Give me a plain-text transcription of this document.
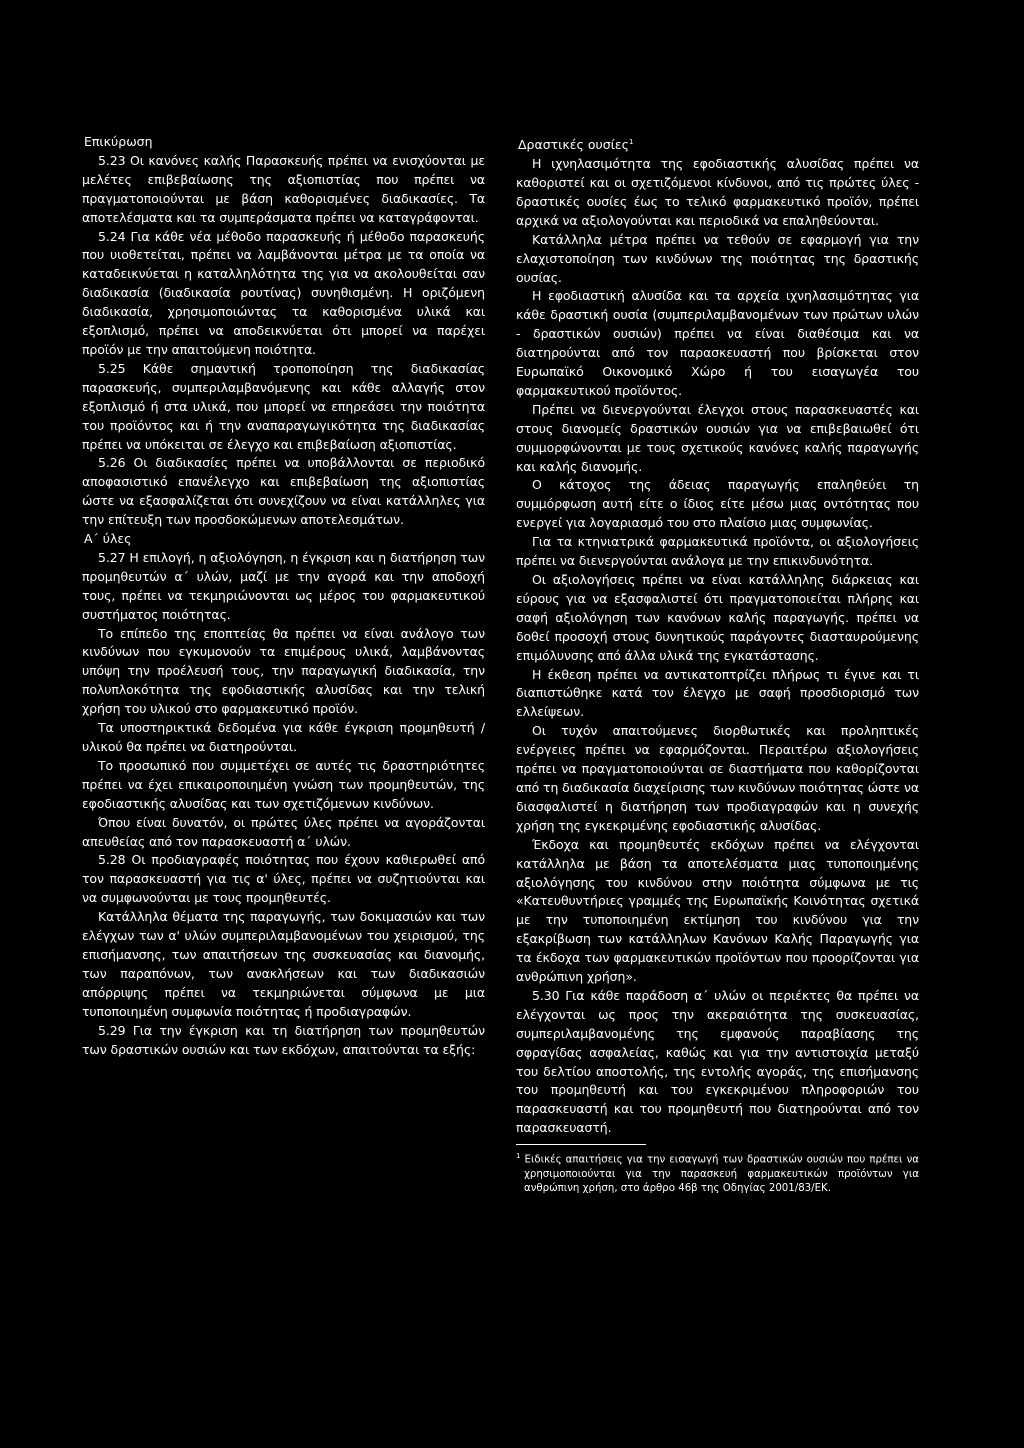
Επικύρωση

5.23 Οι κανόνες καλής Παρασκευής πρέπει να ενισχύονται με μελέτες επιβεβαίωσης της αξιοπιστίας που πρέπει να πραγματοποιούνται με βάση καθορισμένες διαδικασίες. Τα αποτελέσματα και τα συμπεράσματα πρέπει να καταγράφονται.

5.24 Για κάθε νέα μέθοδο παρασκευής ή μέθοδο παρασκευής που υιοθετείται, πρέπει να λαμβάνονται μέτρα με τα οποία να καταδεικνύεται η καταλληλότητα της για να ακολουθείται σαν διαδικασία (διαδικασία ρουτίνας) συνηθισμένη. Η οριζόμενη διαδικασία, χρησιμοποιώντας τα καθορισμένα υλικά και εξοπλισμό, πρέπει να αποδεικνύεται ότι μπορεί να παρέχει προϊόν με την απαιτούμενη ποιότητα.

5.25 Κάθε σημαντική τροποποίηση της διαδικασίας παρασκευής, συμπεριλαμβανόμενης και κάθε αλλαγής στον εξοπλισμό ή στα υλικά, που μπορεί να επηρεάσει την ποιότητα του προϊόντος και ή την αναπαραγωγικότητα της διαδικασίας πρέπει να υπόκειται σε έλεγχο και επιβεβαίωση αξιοπιστίας.

5.26 Οι διαδικασίες πρέπει να υποβάλλονται σε περιοδικό αποφασιστικό επανέλεγχο και επιβεβαίωση της αξιοπιστίας ώστε να εξασφαλίζεται ότι συνεχίζουν να είναι κατάλληλες για την επίτευξη των προσδοκώμενων αποτελεσμάτων.

Α΄ ύλες

5.27 Η επιλογή, η αξιολόγηση, η έγκριση και η διατήρηση των προμηθευτών α΄ υλών, μαζί με την αγορά και την αποδοχή τους, πρέπει να τεκμηριώνονται ως μέρος του φαρμακευτικού συστήματος ποιότητας.

Το επίπεδο της εποπτείας θα πρέπει να είναι ανάλογο των κινδύνων που εγκυμονούν τα επιμέρους υλικά, λαμβάνοντας υπόψη την προέλευσή τους, την παραγωγική διαδικασία, την πολυπλοκότητα της εφοδιαστικής αλυσίδας και την τελική χρήση του υλικού στο φαρμακευτικό προϊόν.

Τα υποστηρικτικά δεδομένα για κάθε έγκριση προμηθευτή / υλικού θα πρέπει να διατηρούνται.

Το προσωπικό που συμμετέχει σε αυτές τις δραστηριότητες πρέπει να έχει επικαιροποιημένη γνώση των προμηθευτών, της εφοδιαστικής αλυσίδας και των σχετιζόμενων κινδύνων.

Όπου είναι δυνατόν, οι πρώτες ύλες πρέπει να αγοράζονται απευθείας από τον παρασκευαστή α΄ υλών.

5.28 Οι προδιαγραφές ποιότητας που έχουν καθιερωθεί από τον παρασκευαστή για τις α' ύλες, πρέπει να συζητιούνται και να συμφωνούνται με τους προμηθευτές.

Κατάλληλα θέματα της παραγωγής, των δοκιμασιών και των ελέγχων των α' υλών συμπεριλαμβανομένων του χειρισμού, της επισήμανσης, των απαιτήσεων της συσκευασίας και διανομής, των παραπόνων, των ανακλήσεων και των διαδικασιών απόρριψης πρέπει να τεκμηριώνεται σύμφωνα με μια τυποποιημένη συμφωνία ποιότητας ή προδιαγραφών.

5.29 Για την έγκριση και τη διατήρηση των προμηθευτών των δραστικών ουσιών και των εκδόχων, απαιτούνται τα εξής:

Δραστικές ουσίες$^1$

Η ιχνηλασιμότητα της εφοδιαστικής αλυσίδας πρέπει να καθοριστεί και οι σχετιζόμενοι κίνδυνοι, από τις πρώτες ύλες - δραστικές ουσίες έως το τελικό φαρμακευτικό προϊόν, πρέπει αρχικά να αξιολογούνται και περιοδικά να επαληθεύονται.

Κατάλληλα μέτρα πρέπει να τεθούν σε εφαρμογή για την ελαχιστοποίηση των κινδύνων της ποιότητας της δραστικής ουσίας.

Η εφοδιαστική αλυσίδα και τα αρχεία ιχνηλασιμότητας για κάθε δραστική ουσία (συμπεριλαμβανομένων των πρώτων υλών - δραστικών ουσιών) πρέπει να είναι διαθέσιμα και να διατηρούνται από τον παρασκευαστή που βρίσκεται στον Ευρωπαϊκό Οικονομικό Χώρο ή του εισαγωγέα του φαρμακευτικού προϊόντος.

Πρέπει να διενεργούνται έλεγχοι στους παρασκευαστές και στους διανομείς δραστικών ουσιών για να επιβεβαιωθεί ότι συμμορφώνονται με τους σχετικούς κανόνες καλής παραγωγής και καλής διανομής.

Ο κάτοχος της άδειας παραγωγής επαληθεύει τη συμμόρφωση αυτή είτε ο ίδιος είτε μέσω μιας οντότητας που ενεργεί για λογαριασμό του στο πλαίσιο μιας συμφωνίας.

Για τα κτηνιατρικά φαρμακευτικά προϊόντα, οι αξιολογήσεις πρέπει να διενεργούνται ανάλογα με την επικινδυνότητα.

Οι αξιολογήσεις πρέπει να είναι κατάλληλης διάρκειας και εύρους για να εξασφαλιστεί ότι πραγματοποιείται πλήρης και σαφή αξιολόγηση των κανόνων καλής παραγωγής. πρέπει να δοθεί προσοχή στους δυνητικούς παράγοντες διασταυρούμενης επιμόλυνσης από άλλα υλικά της εγκατάστασης.

Η έκθεση πρέπει να αντικατοπτρίζει πλήρως τι έγινε και τι διαπιστώθηκε κατά τον έλεγχο με σαφή προσδιορισμό των ελλείψεων.

Οι τυχόν απαιτούμενες διορθωτικές και προληπτικές ενέργειες πρέπει να εφαρμόζονται. Περαιτέρω αξιολογήσεις πρέπει να πραγματοποιούνται σε διαστήματα που καθορίζονται από τη διαδικασία διαχείρισης των κινδύνων ποιότητας ώστε να διασφαλιστεί η διατήρηση των προδιαγραφών και η συνεχής χρήση της εγκεκριμένης εφοδιαστικής αλυσίδας.

Έκδοχα και προμηθευτές εκδόχων πρέπει να ελέγχονται κατάλληλα με βάση τα αποτελέσματα μιας τυποποιημένης αξιολόγησης του κινδύνου στην ποιότητα σύμφωνα με τις «Κατευθυντήριες γραμμές της Ευρωπαϊκής Κοινότητας σχετικά με την τυποποιημένη εκτίμηση του κινδύνου για την εξακρίβωση των κατάλληλων Κανόνων Καλής Παραγωγής για τα έκδοχα των φαρμακευτικών προϊόντων που προορίζονται για ανθρώπινη χρήση».

5.30 Για κάθε παράδοση α΄ υλών οι περιέκτες θα πρέπει να ελέγχονται ως προς την ακεραιότητα της συσκευασίας, συμπεριλαμβανομένης της εμφανούς παραβίασης της σφραγίδας ασφαλείας, καθώς και για την αντιστοιχία μεταξύ του δελτίου αποστολής, της εντολής αγοράς, της επισήμανσης του προμηθευτή και του εγκεκριμένου πληροφοριών του παρασκευαστή και του προμηθευτή που διατηρούνται από τον παρασκευαστή.

$^1$ Ειδικές απαιτήσεις για την εισαγωγή των δραστικών ουσιών που πρέπει να χρησιμοποιούνται για την παρασκευή φαρμακευτικών προϊόντων για ανθρώπινη χρήση, στο άρθρο 46β της Οδηγίας 2001/83/ΕΚ.
